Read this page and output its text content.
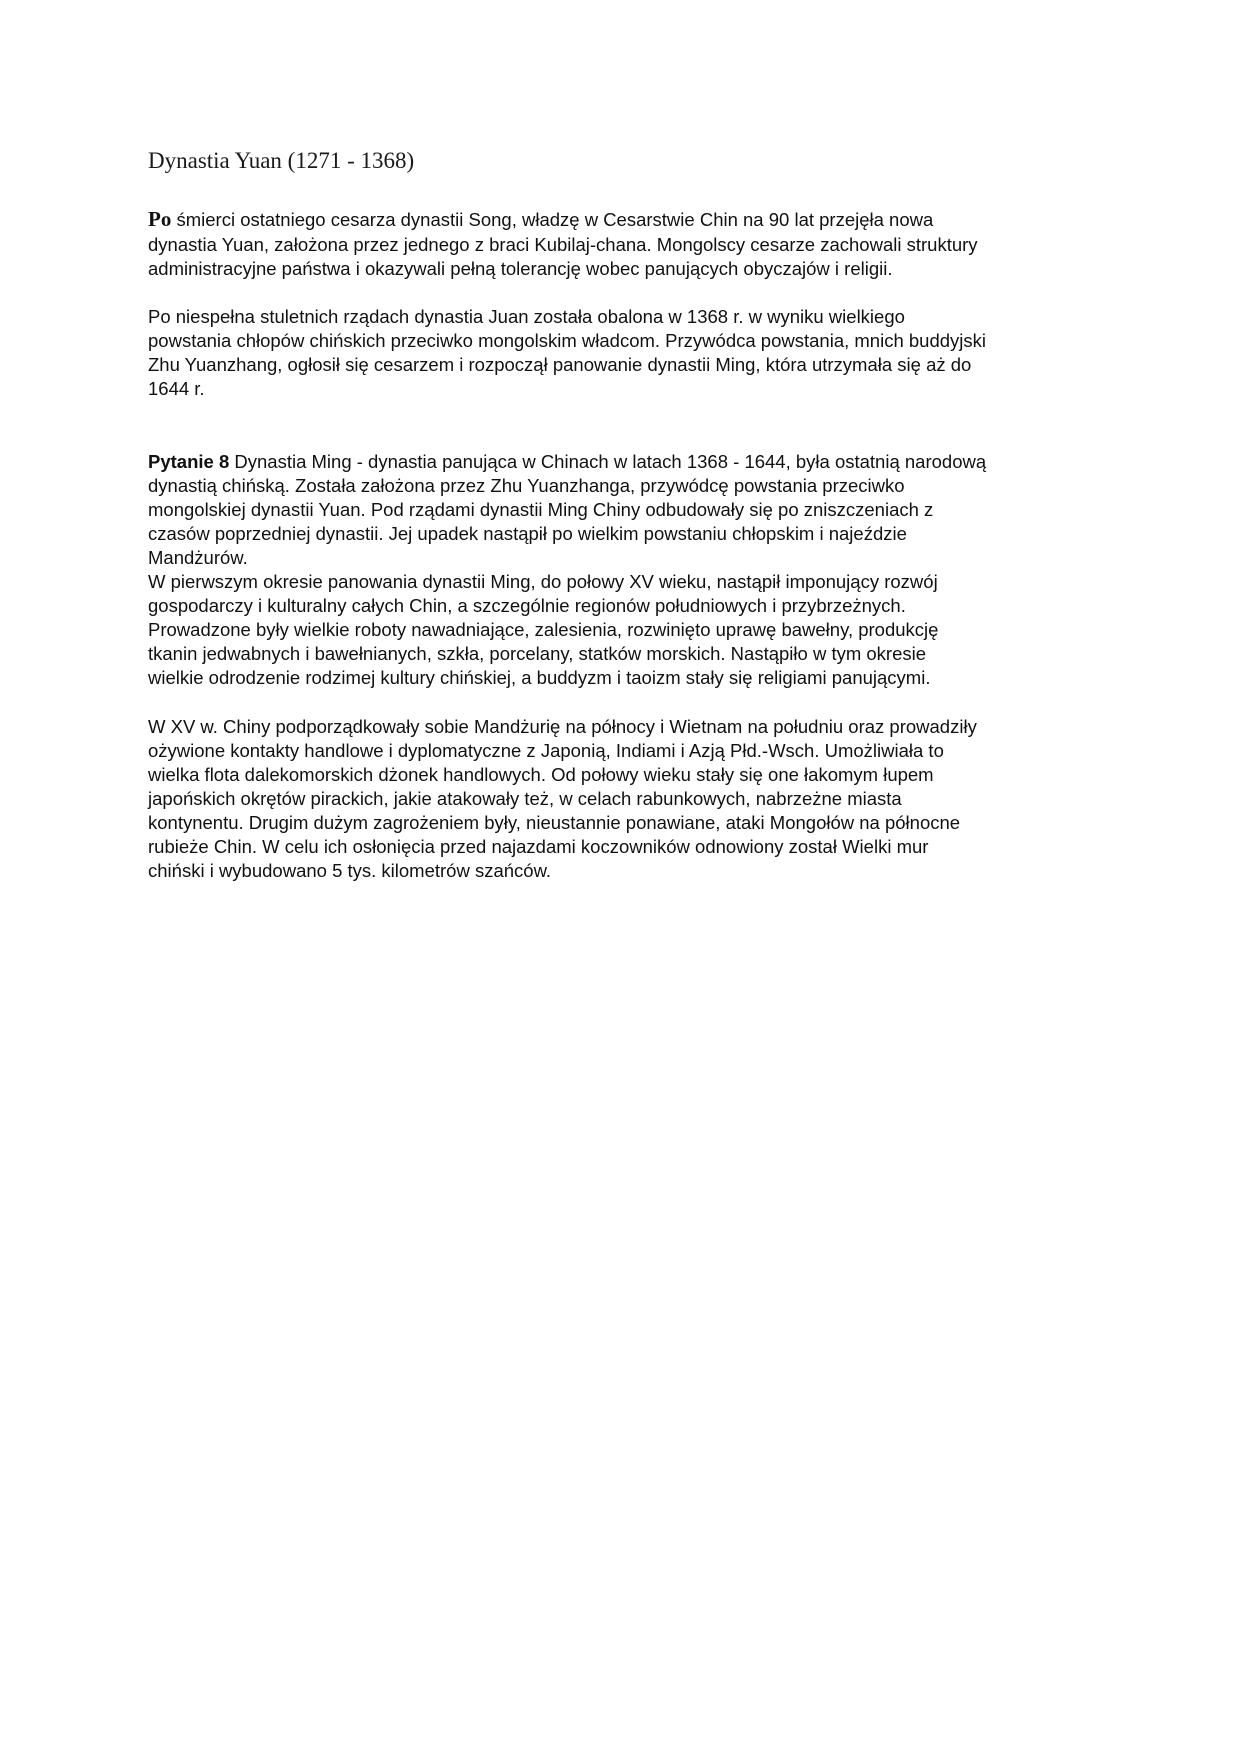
Dynastia Yuan (1271 - 1368)
Po śmierci ostatniego cesarza dynastii Song, władzę w Cesarstwie Chin na 90 lat przejęła nowa
dynastia Yuan, założona przez jednego z braci Kubilaj-chana. Mongolscy cesarze zachowali struktury
administracyjne państwa i okazywali pełną tolerancję wobec panujących obyczajów i religii.
Po niespełna stuletnich rządach dynastia Juan została obalona w 1368 r. w wyniku wielkiego
powstania chłopów chińskich przeciwko mongolskim władcom. Przywódca powstania, mnich buddyjski
Zhu Yuanzhang, ogłosił się cesarzem i rozpoczął panowanie dynastii Ming, która utrzymała się aż do
1644 r.
Pytanie 8 Dynastia Ming - dynastia panująca w Chinach w latach 1368 - 1644, była ostatnią narodową
dynastią chińską. Została założona przez Zhu Yuanzhanga, przywódcę powstania przeciwko
mongolskiej dynastii Yuan. Pod rządami dynastii Ming Chiny odbudowały się po zniszczeniach z
czasów poprzedniej dynastii. Jej upadek nastąpił po wielkim powstaniu chłopskim i najeździe
Mandżurów.
W pierwszym okresie panowania dynastii Ming, do połowy XV wieku, nastąpił imponujący rozwój
gospodarczy i kulturalny całych Chin, a szczególnie regionów południowych i przybrzeżnych.
Prowadzone były wielkie roboty nawadniające, zalesienia, rozwinięto uprawę bawełny, produkcję
tkanin jedwabnych i bawełnianych, szkła, porcelany, statków morskich. Nastąpiło w tym okresie
wielkie odrodzenie rodzimej kultury chińskiej, a buddyzm i taoizm stały się religiami panującymi.
W XV w. Chiny podporządkowały sobie Mandżurię na północy i Wietnam na południu oraz prowadziły
ożywione kontakty handlowe i dyplomatyczne z Japonią, Indiami i Azją Płd.-Wsch. Umożliwiała to
wielka flota dalekomorskich dżonek handlowych. Od połowy wieku stały się one łakomym łupem
japońskich okrętów pirackich, jakie atakowały też, w celach rabunkowych, nabrzeżne miasta
kontynentu. Drugim dużym zagrożeniem były, nieustannie ponawiane, ataki Mongołów na północne
rubieże Chin. W celu ich osłonięcia przed najazdami koczowników odnowiony został Wielki mur
chiński i wybudowano 5 tys. kilometrów szańców.
